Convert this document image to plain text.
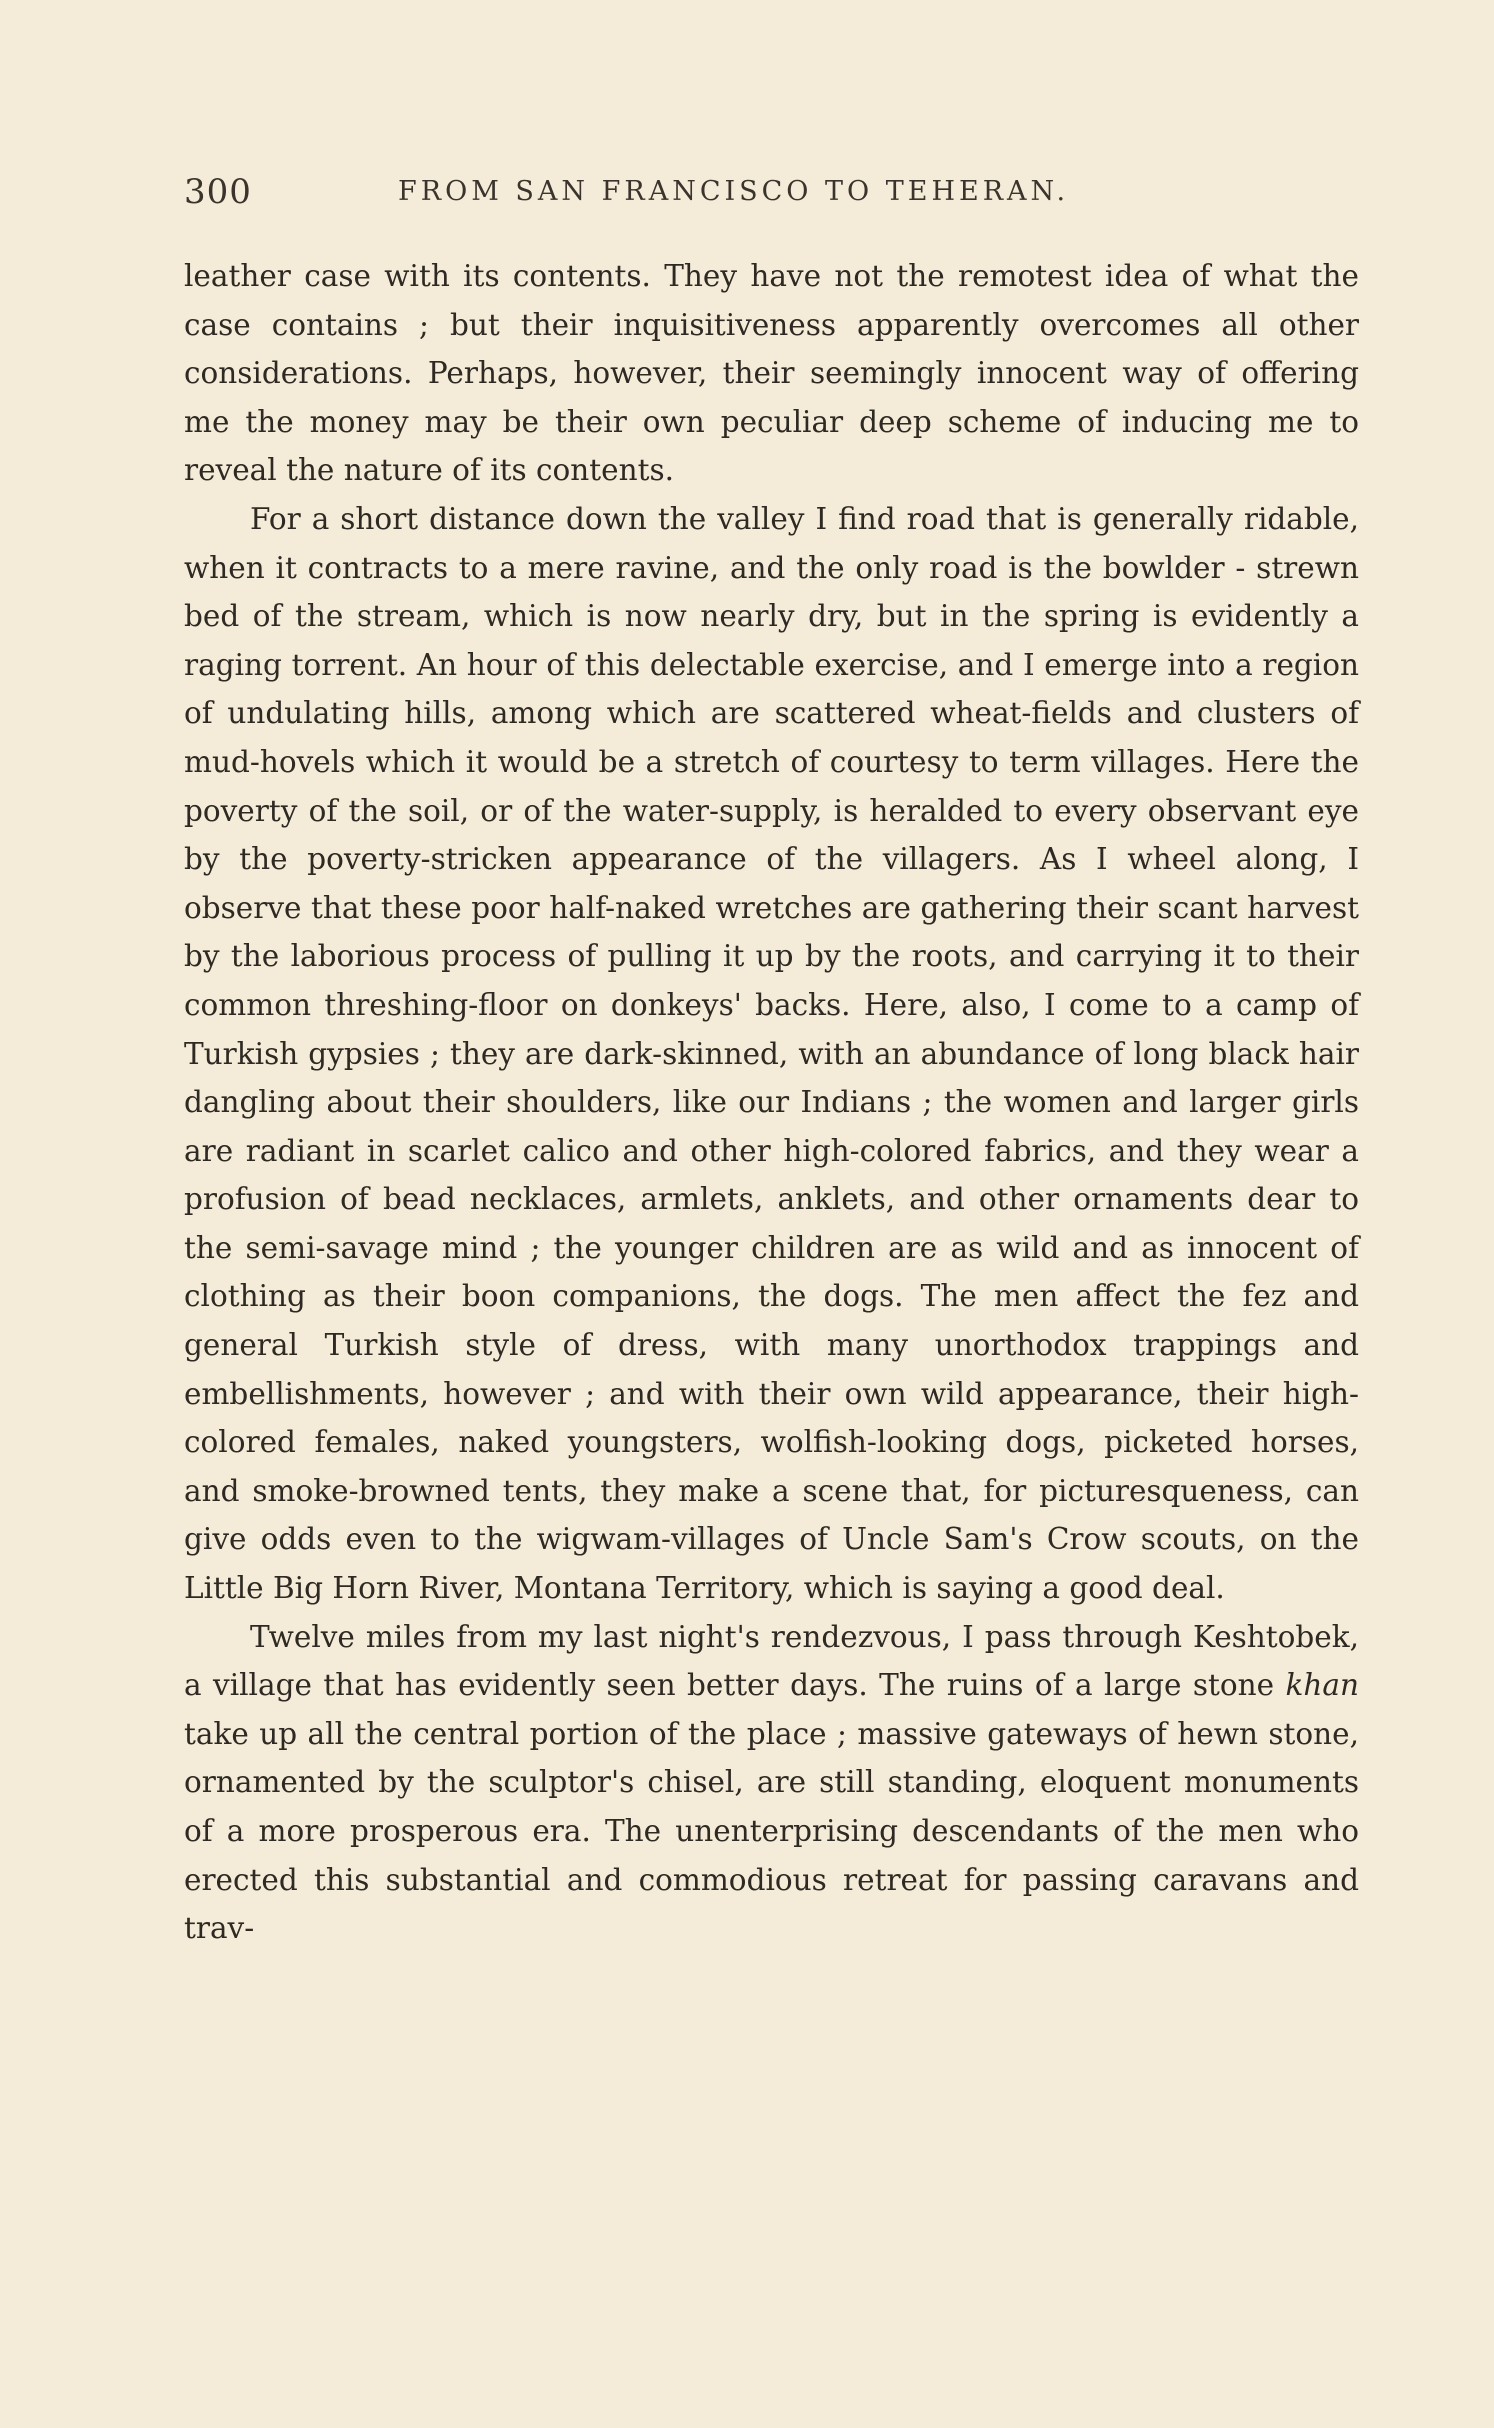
300	FROM SAN FRANCISCO TO TEHERAN.

leather case with its contents. They have not the remotest idea of what the case contains ; but their inquisitiveness apparently overcomes all other considerations. Perhaps, however, their seemingly innocent way of offering me the money may be their own peculiar deep scheme of inducing me to reveal the nature of its contents.

For a short distance down the valley I find road that is generally ridable, when it contracts to a mere ravine, and the only road is the bowlder - strewn bed of the stream, which is now nearly dry, but in the spring is evidently a raging torrent. An hour of this delectable exercise, and I emerge into a region of undulating hills, among which are scattered wheat-fields and clusters of mud-hovels which it would be a stretch of courtesy to term villages. Here the poverty of the soil, or of the water-supply, is heralded to every observant eye by the poverty-stricken appearance of the villagers. As I wheel along, I observe that these poor half-naked wretches are gathering their scant harvest by the laborious process of pulling it up by the roots, and carrying it to their common threshing-floor on donkeys' backs. Here, also, I come to a camp of Turkish gypsies ; they are dark-skinned, with an abundance of long black hair dangling about their shoulders, like our Indians ; the women and larger girls are radiant in scarlet calico and other high-colored fabrics, and they wear a profusion of bead necklaces, armlets, anklets, and other ornaments dear to the semi-savage mind ; the younger children are as wild and as innocent of clothing as their boon companions, the dogs. The men affect the fez and general Turkish style of dress, with many unorthodox trappings and embellishments, however ; and with their own wild appearance, their high-colored females, naked youngsters, wolfish-looking dogs, picketed horses, and smoke-browned tents, they make a scene that, for picturesqueness, can give odds even to the wigwam-villages of Uncle Sam's Crow scouts, on the Little Big Horn River, Montana Territory, which is saying a good deal.

Twelve miles from my last night's rendezvous, I pass through Keshtobek, a village that has evidently seen better days. The ruins of a large stone khan take up all the central portion of the place ; massive gateways of hewn stone, ornamented by the sculptor's chisel, are still standing, eloquent monuments of a more prosperous era. The unenterprising descendants of the men who erected this substantial and commodious retreat for passing caravans and trav-
